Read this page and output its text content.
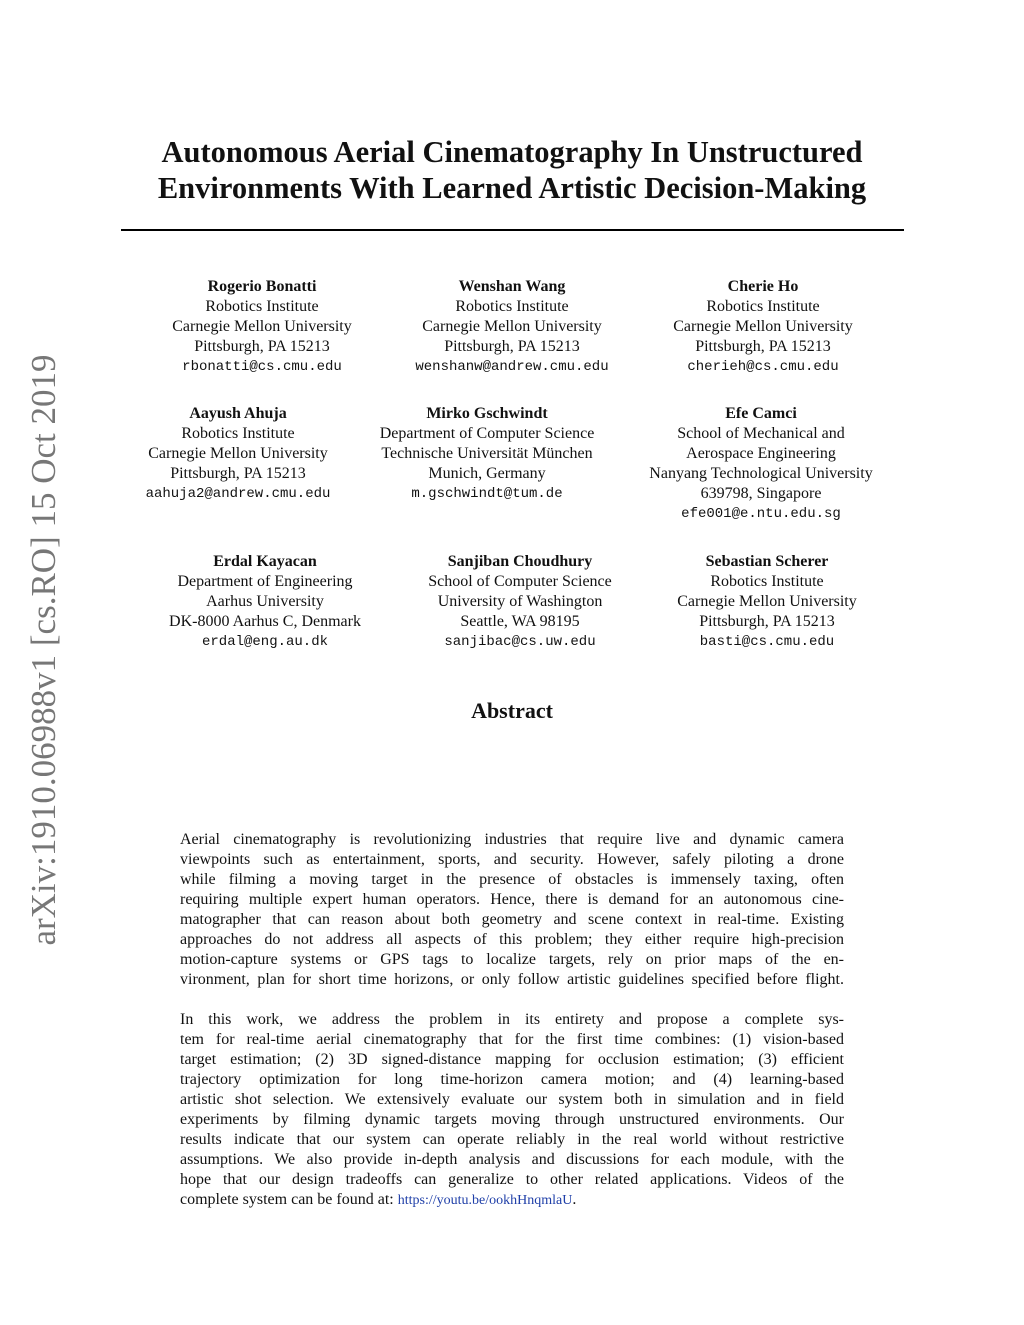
arXiv:1910.06988v1 [cs.RO] 15 Oct 2019
Autonomous Aerial Cinematography In Unstructured
Environments With Learned Artistic Decision-Making
Rogerio Bonatti
Robotics Institute
Carnegie Mellon University
Pittsburgh, PA 15213
rbonatti@cs.cmu.edu
Wenshan Wang
Robotics Institute
Carnegie Mellon University
Pittsburgh, PA 15213
wenshanw@andrew.cmu.edu
Cherie Ho
Robotics Institute
Carnegie Mellon University
Pittsburgh, PA 15213
cherieh@cs.cmu.edu
Aayush Ahuja
Robotics Institute
Carnegie Mellon University
Pittsburgh, PA 15213
aahuja2@andrew.cmu.edu
Mirko Gschwindt
Department of Computer Science
Technische Universität München
Munich, Germany
m.gschwindt@tum.de
Efe Camci
School of Mechanical and
Aerospace Engineering
Nanyang Technological University
639798, Singapore
efe001@e.ntu.edu.sg
Erdal Kayacan
Department of Engineering
Aarhus University
DK-8000 Aarhus C, Denmark
erdal@eng.au.dk
Sanjiban Choudhury
School of Computer Science
University of Washington
Seattle, WA 98195
sanjibac@cs.uw.edu
Sebastian Scherer
Robotics Institute
Carnegie Mellon University
Pittsburgh, PA 15213
basti@cs.cmu.edu
Abstract
Aerial cinematography is revolutionizing industries that require live and dynamic camera
viewpoints such as entertainment, sports, and security. However, safely piloting a drone
while filming a moving target in the presence of obstacles is immensely taxing, often
requiring multiple expert human operators. Hence, there is demand for an autonomous cine-
matographer that can reason about both geometry and scene context in real-time. Existing
approaches do not address all aspects of this problem; they either require high-precision
motion-capture systems or GPS tags to localize targets, rely on prior maps of the en-
vironment, plan for short time horizons, or only follow artistic guidelines specified before flight.
In this work, we address the problem in its entirety and propose a complete sys-
tem for real-time aerial cinematography that for the first time combines: (1) vision-based
target estimation; (2) 3D signed-distance mapping for occlusion estimation; (3) efficient
trajectory optimization for long time-horizon camera motion; and (4) learning-based
artistic shot selection. We extensively evaluate our system both in simulation and in field
experiments by filming dynamic targets moving through unstructured environments. Our
results indicate that our system can operate reliably in the real world without restrictive
assumptions. We also provide in-depth analysis and discussions for each module, with the
hope that our design tradeoffs can generalize to other related applications. Videos of the
complete system can be found at: https://youtu.be/ookhHnqmlaU.
